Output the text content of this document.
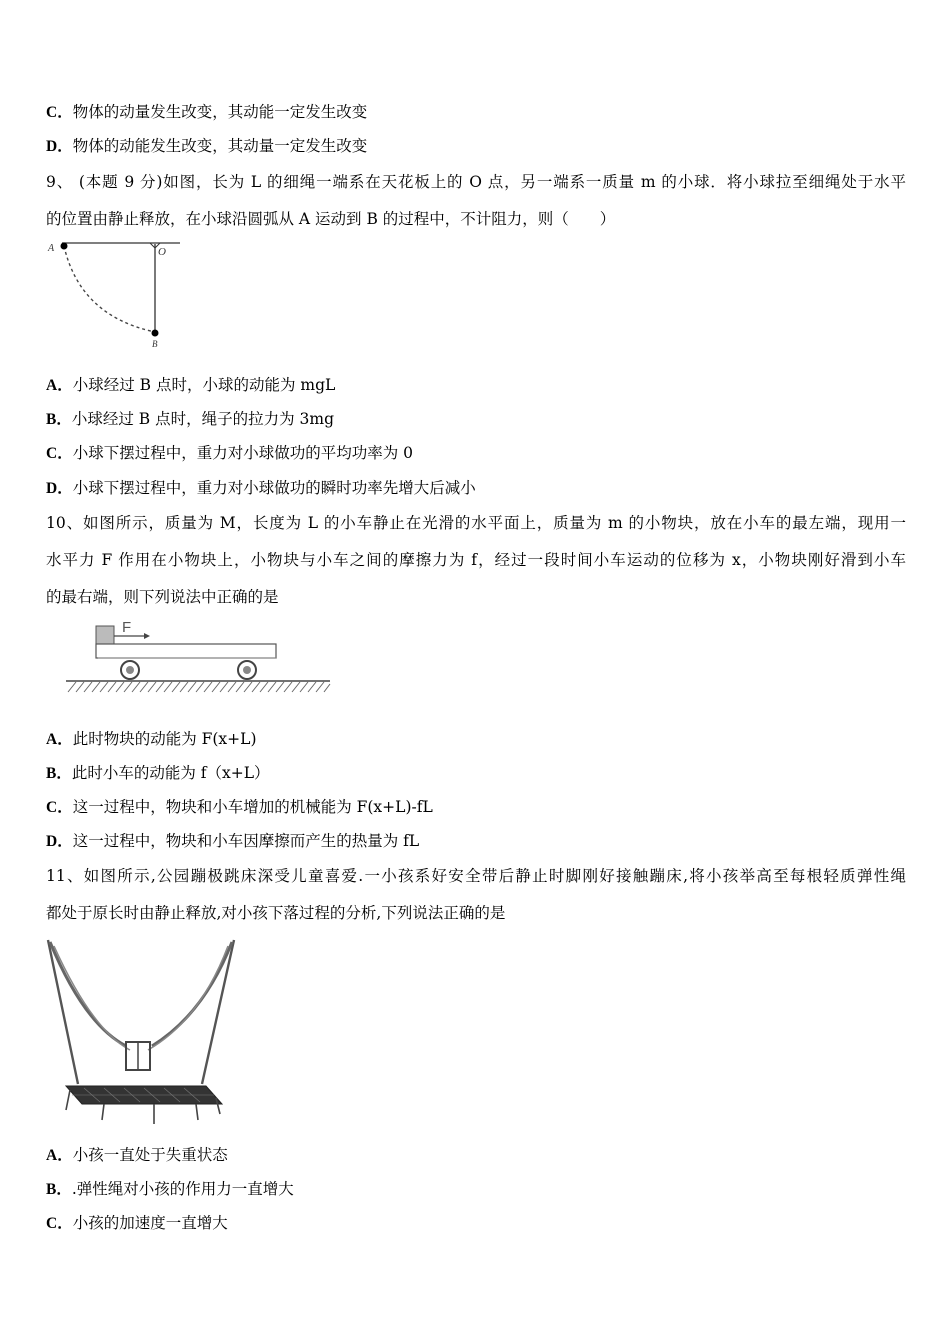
C．物体的动量发生改变，其动能一定发生改变
D．物体的动能发生改变，其动量一定发生改变
9、 (本题 9 分)如图，长为 L 的细绳一端系在天花板上的 O 点，另一端系一质量 m 的小球．将小球拉至细绳处于水平
的位置由静止释放，在小球沿圆弧从 A 运动到 B 的过程中，不计阻力，则（　　）
A	O
B
A．小球经过 B 点时，小球的动能为 mgL
B．小球经过 B 点时，绳子的拉力为 3mg
C．小球下摆过程中，重力对小球做功的平均功率为 0
D．小球下摆过程中，重力对小球做功的瞬时功率先增大后减小
10、如图所示，质量为 M，长度为 L 的小车静止在光滑的水平面上，质量为 m 的小物块，放在小车的最左端，现用一
水平力 F 作用在小物块上，小物块与小车之间的摩擦力为 f，经过一段时间小车运动的位移为 x，小物块刚好滑到小车
的最右端，则下列说法中正确的是
F
A．此时物块的动能为 F(x+L)
B．此时小车的动能为 f（x+L）
C．这一过程中，物块和小车增加的机械能为 F(x+L)-fL
D．这一过程中，物块和小车因摩擦而产生的热量为 fL
11、如图所示,公园蹦极跳床深受儿童喜爱.一小孩系好安全带后静止时脚刚好接触蹦床,将小孩举高至每根轻质弹性绳
都处于原长时由静止释放,对小孩下落过程的分析,下列说法正确的是
A．小孩一直处于失重状态
B．.弹性绳对小孩的作用力一直增大
C．小孩的加速度一直增大
